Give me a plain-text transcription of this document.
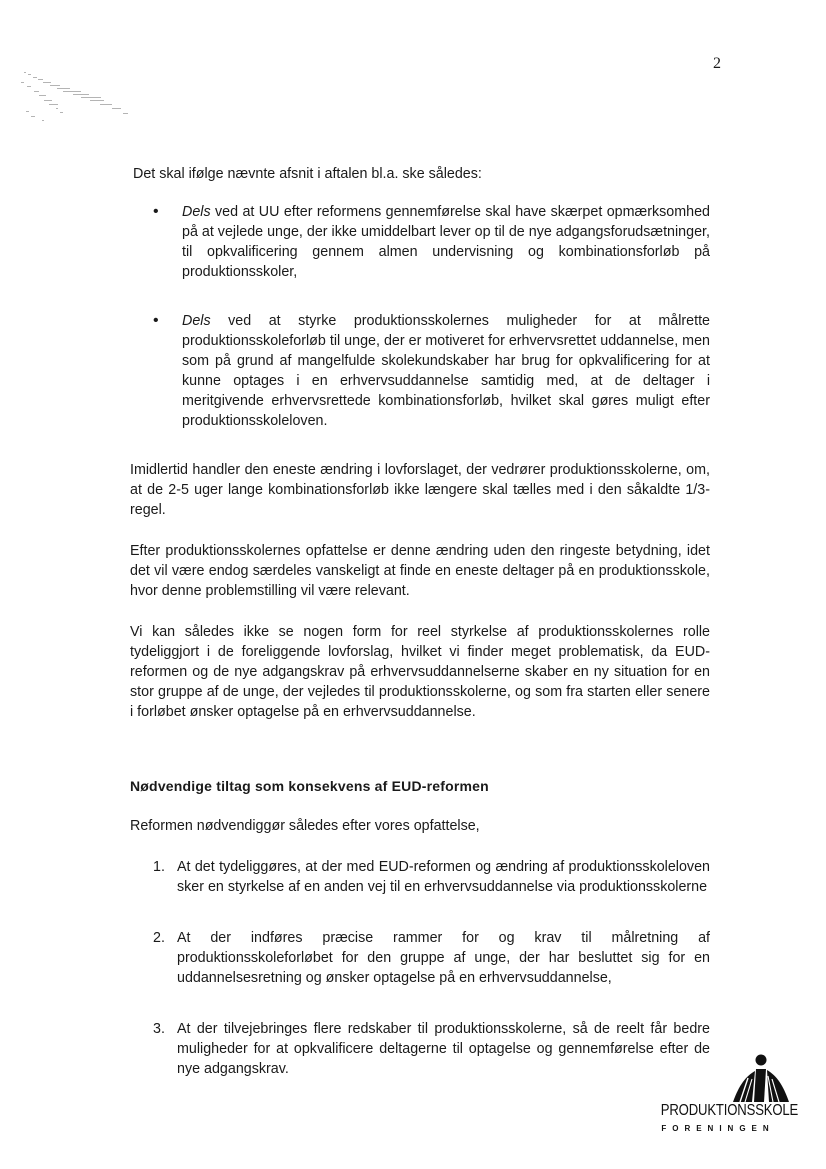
2

Det skal ifølge nævnte afsnit i aftalen bl.a. ske således:

• Dels ved at UU efter reformens gennemførelse skal have skærpet opmærksomhed på at vejlede unge, der ikke umiddelbart lever op til de nye adgangsforudsætninger, til opkvalificering gennem almen undervisning og kombinationsforløb på produktionsskoler,
• Dels ved at styrke produktionsskolernes muligheder for at målrette produktionsskoleforløb til unge, der er motiveret for erhvervsrettet uddannelse, men som på grund af mangelfulde skolekundskaber har brug for opkvalificering for at kunne optages i en erhvervsuddannelse samtidig med, at de deltager i meritgivende erhvervsrettede kombinationsforløb, hvilket skal gøres muligt efter produktionsskoleloven.

Imidlertid handler den eneste ændring i lovforslaget, der vedrører produktionsskolerne, om, at de 2-5 uger lange kombinationsforløb ikke længere skal tælles med i den såkaldte 1/3-regel.

Efter produktionsskolernes opfattelse er denne ændring uden den ringeste betydning, idet det vil være endog særdeles vanskeligt at finde en eneste deltager på en produktionsskole, hvor denne problemstilling vil være relevant.

Vi kan således ikke se nogen form for reel styrkelse af produktionsskolernes rolle tydeliggjort i de foreliggende lovforslag, hvilket vi finder meget problematisk, da EUD-reformen og de nye adgangskrav på erhvervsuddannelserne skaber en ny situation for en stor gruppe af de unge, der vejledes til produktionsskolerne, og som fra starten eller senere i forløbet ønsker optagelse på en erhvervsuddannelse.

Nødvendige tiltag som konsekvens af EUD-reformen

Reformen nødvendiggør således efter vores opfattelse,

1. At det tydeliggøres, at der med EUD-reformen og ændring af produktionsskoleloven sker en styrkelse af en anden vej til en erhvervsuddannelse via produktionsskolerne
2. At der indføres præcise rammer for og krav til målretning af produktionsskoleforløbet for den gruppe af unge, der har besluttet sig for en uddannelsesretning og ønsker optagelse på en erhvervsuddannelse,
3. At der tilvejebringes flere redskaber til produktionsskolerne, så de reelt får bedre muligheder for at opkvalificere deltagerne til optagelse og gennemførelse efter de nye adgangskrav.
PRODUKTIONSSKOLE
FORENINGEN
